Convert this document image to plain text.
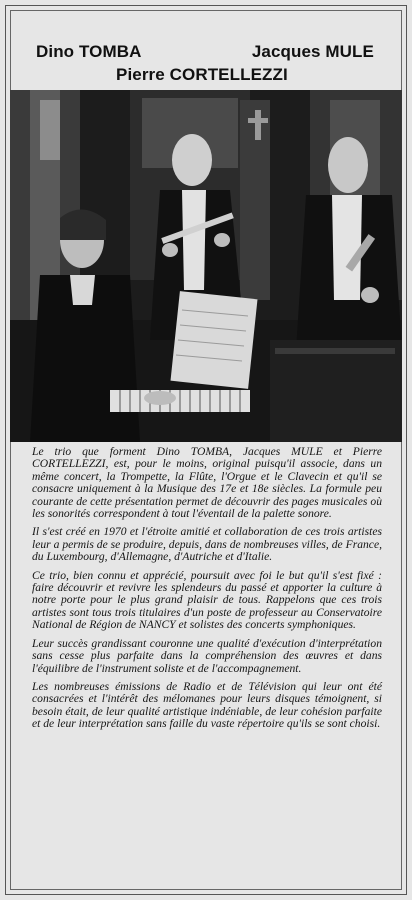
Dino TOMBA	Jacques MULE
Pierre CORTELLEZZI

Le trio que forment Dino TOMBA, Jacques MULE et Pierre CORTELLEZZI, est, pour le moins, original puisqu'il associe, dans un même concert, la Trompette, la Flûte, l'Orgue et le Clavecin et qu'il se consacre uniquement à la Musique des 17e et 18e siècles. La formule peu courante de cette présentation permet de découvrir des pages musicales où les sonorités correspondent à tout l'éventail de la palette sonore.

Il s'est créé en 1970 et l'étroite amitié et collaboration de ces trois artistes leur a permis de se produire, depuis, dans de nombreuses villes, de France, du Luxembourg, d'Allemagne, d'Autriche et d'Italie.

Ce trio, bien connu et apprécié, poursuit avec foi le but qu'il s'est fixé : faire découvrir et revivre les splendeurs du passé et apporter la culture à notre porte pour le plus grand plaisir de tous. Rappelons que ces trois artistes sont tous trois titulaires d'un poste de professeur au Conservatoire National de Région de NANCY et solistes des concerts symphoniques.

Leur succès grandissant couronne une qualité d'exécution d'interprétation sans cesse plus parfaite dans la compréhension des œuvres et dans l'équilibre de l'instrument soliste et de l'accompagnement.

Les nombreuses émissions de Radio et de Télévision qui leur ont été consacrées et l'intérêt des mélomanes pour leurs disques témoignent, si besoin était, de leur qualité artistique indéniable, de leur cohésion parfaite et de leur interprétation sans faille du vaste répertoire qu'ils se sont choisi.
